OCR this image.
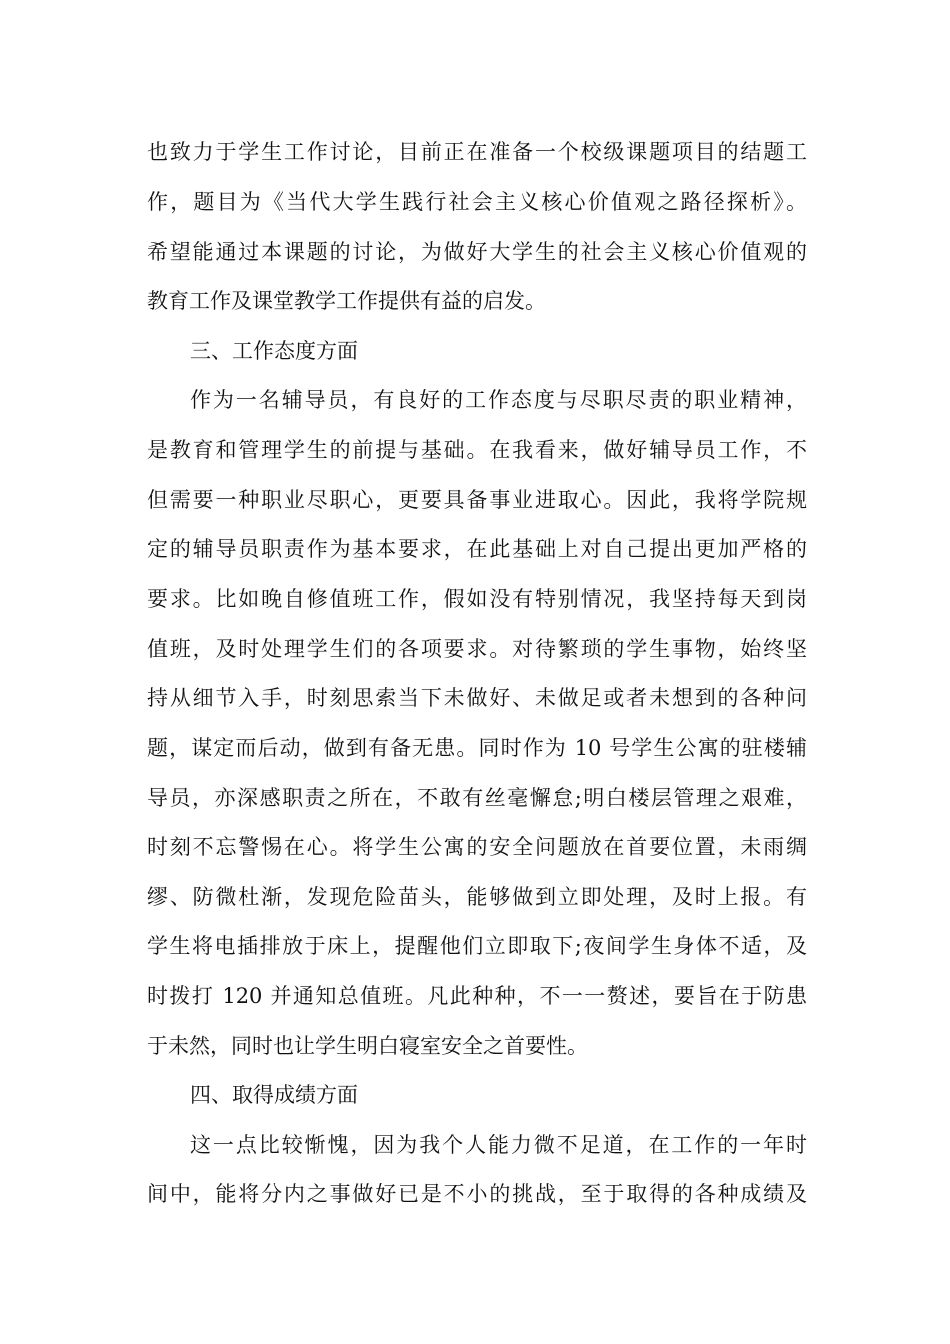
也致力于学生工作讨论，目前正在准备一个校级课题项目的结题工
作，题目为《当代大学生践行社会主义核心价值观之路径探析》。
希望能通过本课题的讨论，为做好大学生的社会主义核心价值观的
教育工作及课堂教学工作提供有益的启发。
三、工作态度方面
作为一名辅导员，有良好的工作态度与尽职尽责的职业精神，
是教育和管理学生的前提与基础。在我看来，做好辅导员工作，不
但需要一种职业尽职心，更要具备事业进取心。因此，我将学院规
定的辅导员职责作为基本要求，在此基础上对自己提出更加严格的
要求。比如晚自修值班工作，假如没有特别情况，我坚持每天到岗
值班，及时处理学生们的各项要求。对待繁琐的学生事物，始终坚
持从细节入手，时刻思索当下未做好、未做足或者未想到的各种问
题，谋定而后动，做到有备无患。同时作为 10 号学生公寓的驻楼辅
导员，亦深感职责之所在，不敢有丝毫懈怠;明白楼层管理之艰难，
时刻不忘警惕在心。将学生公寓的安全问题放在首要位置，未雨绸
缪、防微杜渐，发现危险苗头，能够做到立即处理，及时上报。有
学生将电插排放于床上，提醒他们立即取下;夜间学生身体不适，及
时拨打 120 并通知总值班。凡此种种，不一一赘述，要旨在于防患
于未然，同时也让学生明白寝室安全之首要性。
四、取得成绩方面
这一点比较惭愧，因为我个人能力微不足道，在工作的一年时
间中，能将分内之事做好已是不小的挑战，至于取得的各种成绩及
